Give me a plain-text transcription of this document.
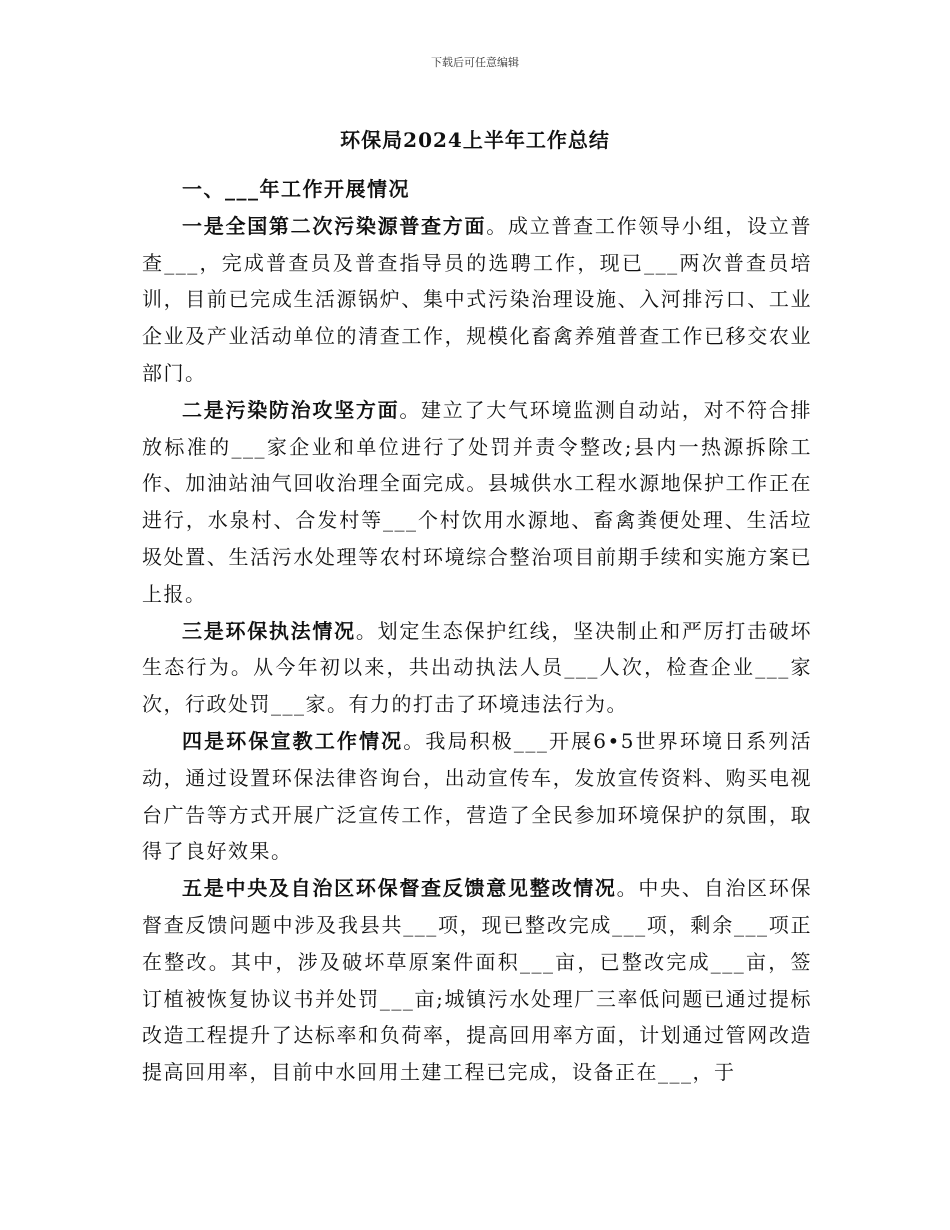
下载后可任意编辑
环保局2024上半年工作总结

一、___年工作开展情况

一是全国第二次污染源普查方面。成立普查工作领导小组，设立普查___，完成普查员及普查指导员的选聘工作，现已___两次普查员培训，目前已完成生活源锅炉、集中式污染治理设施、入河排污口、工业企业及产业活动单位的清查工作，规模化畜禽养殖普查工作已移交农业部门。

二是污染防治攻坚方面。建立了大气环境监测自动站，对不符合排放标准的___家企业和单位进行了处罚并责令整改;县内一热源拆除工作、加油站油气回收治理全面完成。县城供水工程水源地保护工作正在进行，水泉村、合发村等___个村饮用水源地、畜禽粪便处理、生活垃圾处置、生活污水处理等农村环境综合整治项目前期手续和实施方案已上报。

三是环保执法情况。划定生态保护红线，坚决制止和严厉打击破坏生态行为。从今年初以来，共出动执法人员___人次，检查企业___家次，行政处罚___家。有力的打击了环境违法行为。

四是环保宣教工作情况。我局积极___开展6•5世界环境日系列活动，通过设置环保法律咨询台，出动宣传车，发放宣传资料、购买电视台广告等方式开展广泛宣传工作，营造了全民参加环境保护的氛围，取得了良好效果。

五是中央及自治区环保督查反馈意见整改情况。中央、自治区环保督查反馈问题中涉及我县共___项，现已整改完成___项，剩余___项正在整改。其中，涉及破坏草原案件面积___亩，已整改完成___亩，签订植被恢复协议书并处罚___亩;城镇污水处理厂三率低问题已通过提标改造工程提升了达标率和负荷率，提高回用率方面，计划通过管网改造提高回用率，目前中水回用土建工程已完成，设备正在___，于
